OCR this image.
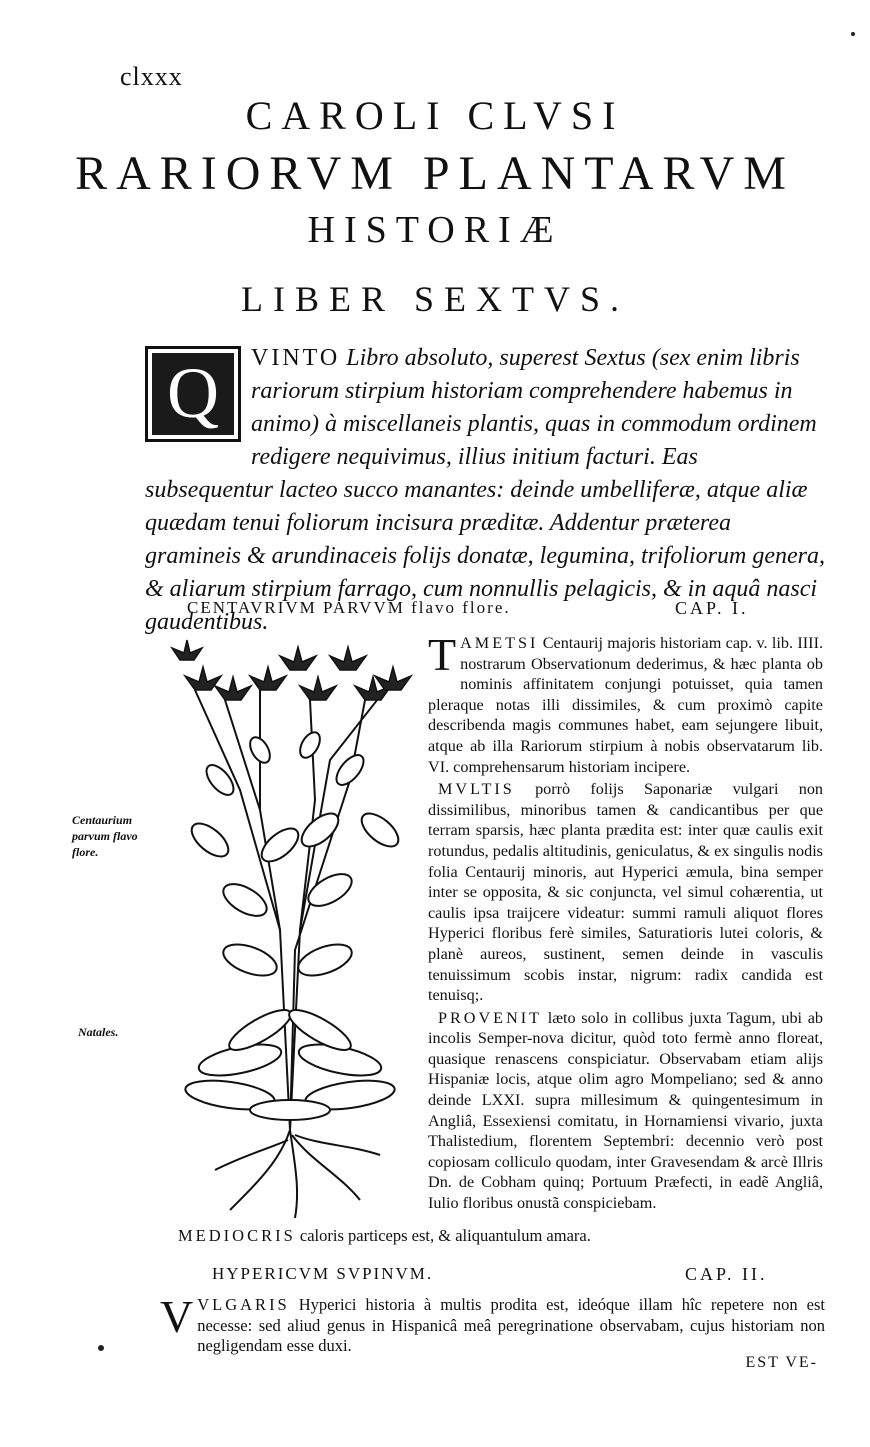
clxxx
CAROLI CLVSI
RARIORVM PLANTARVM
HISTORIÆ
LIBER SEXTVS.
Q	VINTO Libro absoluto, superest Sextus (sex enim libris rariorum stirpium historiam comprehendere habemus in animo) à miscellaneis plantis, quas in commodum ordinem redigere nequivimus, illius initium facturi. Eas subsequentur lacteo succo manantes: deinde umbelliferæ, atque aliæ quædam tenui foliorum incisura præditæ. Addentur præterea gramineis & arundinaceis folijs donatæ, legumina, trifoliorum genera, & aliarum stirpium farrago, cum nonnullis pelagicis, & in aquâ nasci gaudentibus.
CENTAVRIVM PARVVM flavo flore.	CAP. I.
Centaurium parvum flavo flore.
Natales.

TAMETSI Centaurij majoris historiam cap. v. lib. IIII. nostrarum Observationum dederimus, & hæc planta ob nominis affinitatem conjungi potuisset, quia tamen pleraque notas illi dissimiles, & cum proximò capite describenda magis communes habet, eam sejungere libuit, atque ab illa Rariorum stirpium à nobis observatarum lib. VI. comprehensarum historiam incipere.

MVLTIS porrò folijs Saponariæ vulgari non dissimilibus, minoribus tamen & candicantibus per que terram sparsis, hæc planta prædita est: inter quæ caulis exit rotundus, pedalis altitudinis, geniculatus, & ex singulis nodis folia Centaurij minoris, aut Hyperici æmula, bina semper inter se opposita, & sic conjuncta, vel simul cohærentia, ut caulis ipsa traijcere videatur: summi ramuli aliquot flores Hyperici floribus ferè similes, Saturatioris lutei coloris, & planè aureos, sustinent, semen deinde in vasculis tenuissimum scobis instar, nigrum: radix candida est tenuisq;.

PROVENIT læto solo in collibus juxta Tagum, ubi ab incolis Semper-nova dicitur, quòd toto fermè anno floreat, quasique renascens conspiciatur. Observabam etiam alijs Hispaniæ locis, atque olim agro Mompeliano; sed & anno deinde LXXI. supra millesimum & quingentesimum in Angliâ, Essexiensi comitatu, in Hornamiensi vivario, juxta Thalistedium, florentem Septembri: decennio verò post copiosam colliculo quodam, inter Gravesendam & arcè Illris Dn. de Cobham quinq; Portuum Præfecti, in eadẽ Angliâ, Iulio floribus onustã conspiciebam.

MEDIOCRIS caloris particeps est, & aliquantulum amara.
HYPERICVM SVPINVM.	CAP. II.
VVLGARIS Hyperici historia à multis prodita est, ideóque illam hîc repetere non est necesse: sed aliud genus in Hispanicâ meâ peregrinatione observabam, cujus historiam non negligendam esse duxi.
EST VE-
